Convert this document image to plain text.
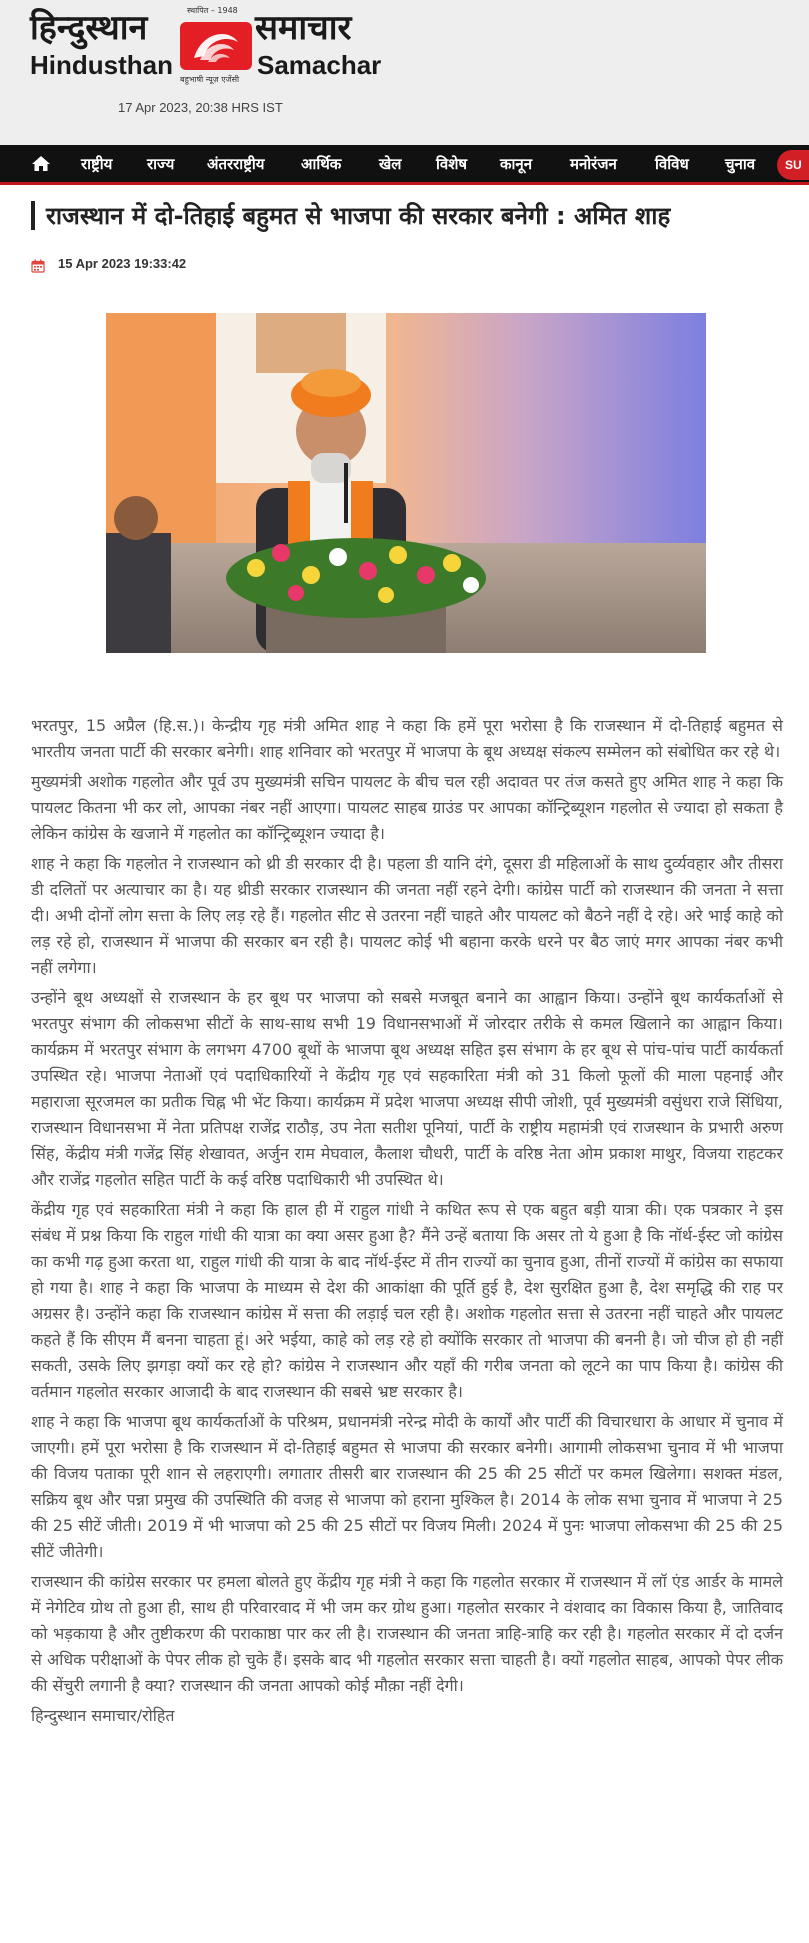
हिन्दुस्थान	स्थापित – 1948 समाचार
Hindusthan बहुभाषी न्यूज़ एजेंसी Samachar
17 Apr 2023, 20:38 HRS IST
राष्ट्रीय राज्य अंतरराष्ट्रीय आर्थिक	खेल विशेष कानून	मनोरंजन	विविध चुनाव	SU
राजस्थान में दो-तिहाई बहुमत से भाजपा की सरकार बनेगी : अमित शाह
15 Apr 2023 19:33:42

भरतपुर, 15 अप्रैल (हि.स.)। केन्द्रीय गृह मंत्री अमित शाह ने कहा कि हमें पूरा भरोसा है कि राजस्थान में दो-तिहाई बहुमत से भारतीय जनता पार्टी की सरकार बनेगी। शाह शनिवार को भरतपुर में भाजपा के बूथ अध्यक्ष संकल्प सम्मेलन को संबोधित कर रहे थे।

मुख्यमंत्री अशोक गहलोत और पूर्व उप मुख्यमंत्री सचिन पायलट के बीच चल रही अदावत पर तंज कसते हुए अमित शाह ने कहा कि पायलट कितना भी कर लो, आपका नंबर नहीं आएगा। पायलट साहब ग्राउंड पर आपका कॉन्ट्रिब्यूशन गहलोत से ज्यादा हो सकता है लेकिन कांग्रेस के खजाने में गहलोत का कॉन्ट्रिब्यूशन ज्यादा है।

शाह ने कहा कि गहलोत ने राजस्थान को थ्री डी सरकार दी है। पहला डी यानि दंगे, दूसरा डी महिलाओं के साथ दुर्व्यवहार और तीसरा डी दलितों पर अत्याचार का है। यह थ्रीडी सरकार राजस्थान की जनता नहीं रहने देगी। कांग्रेस पार्टी को राजस्थान की जनता ने सत्ता दी। अभी दोनों लोग सत्ता के लिए लड़ रहे हैं। गहलोत सीट से उतरना नहीं चाहते और पायलट को बैठने नहीं दे रहे। अरे भाई काहे को लड़ रहे हो, राजस्थान में भाजपा की सरकार बन रही है। पायलट कोई भी बहाना करके धरने पर बैठ जाएं मगर आपका नंबर कभी नहीं लगेगा।

उन्होंने बूथ अध्यक्षों से राजस्थान के हर बूथ पर भाजपा को सबसे मजबूत बनाने का आह्वान किया। उन्होंने बूथ कार्यकर्ताओं से भरतपुर संभाग की लोकसभा सीटों के साथ-साथ सभी 19 विधानसभाओं में जोरदार तरीके से कमल खिलाने का आह्वान किया। कार्यक्रम में भरतपुर संभाग के लगभग 4700 बूथों के भाजपा बूथ अध्यक्ष सहित इस संभाग के हर बूथ से पांच-पांच पार्टी कार्यकर्ता उपस्थित रहे। भाजपा नेताओं एवं पदाधिकारियों ने केंद्रीय गृह एवं सहकारिता मंत्री को 31 किलो फूलों की माला पहनाई और महाराजा सूरजमल का प्रतीक चिह्न भी भेंट किया। कार्यक्रम में प्रदेश भाजपा अध्यक्ष सीपी जोशी, पूर्व मुख्यमंत्री वसुंधरा राजे सिंधिया, राजस्थान विधानसभा में नेता प्रतिपक्ष राजेंद्र राठौड़, उप नेता सतीश पूनियां, पार्टी के राष्ट्रीय महामंत्री एवं राजस्थान के प्रभारी अरुण सिंह, केंद्रीय मंत्री गजेंद्र सिंह शेखावत, अर्जुन राम मेघवाल, कैलाश चौधरी, पार्टी के वरिष्ठ नेता ओम प्रकाश माथुर, विजया राहटकर और राजेंद्र गहलोत सहित पार्टी के कई वरिष्ठ पदाधिकारी भी उपस्थित थे।

केंद्रीय गृह एवं सहकारिता मंत्री ने कहा कि हाल ही में राहुल गांधी ने कथित रूप से एक बहुत बड़ी यात्रा की। एक पत्रकार ने इस संबंध में प्रश्न किया कि राहुल गांधी की यात्रा का क्या असर हुआ है? मैंने उन्हें बताया कि असर तो ये हुआ है कि नॉर्थ-ईस्ट जो कांग्रेस का कभी गढ़ हुआ करता था, राहुल गांधी की यात्रा के बाद नॉर्थ-ईस्ट में तीन राज्यों का चुनाव हुआ, तीनों राज्यों में कांग्रेस का सफाया हो गया है। शाह ने कहा कि भाजपा के माध्यम से देश की आकांक्षा की पूर्ति हुई है, देश सुरक्षित हुआ है, देश समृद्धि की राह पर अग्रसर है। उन्होंने कहा कि राजस्थान कांग्रेस में सत्ता की लड़ाई चल रही है। अशोक गहलोत सत्ता से उतरना नहीं चाहते और पायलट कहते हैं कि सीएम मैं बनना चाहता हूं। अरे भईया, काहे को लड़ रहे हो क्योंकि सरकार तो भाजपा की बननी है। जो चीज हो ही नहीं सकती, उसके लिए झगड़ा क्यों कर रहे हो? कांग्रेस ने राजस्थान और यहाँ की गरीब जनता को लूटने का पाप किया है। कांग्रेस की वर्तमान गहलोत सरकार आजादी के बाद राजस्थान की सबसे भ्रष्ट सरकार है।

शाह ने कहा कि भाजपा बूथ कार्यकर्ताओं के परिश्रम, प्रधानमंत्री नरेन्द्र मोदी के कार्यों और पार्टी की विचारधारा के आधार में चुनाव में जाएगी। हमें पूरा भरोसा है कि राजस्थान में दो-तिहाई बहुमत से भाजपा की सरकार बनेगी। आगामी लोकसभा चुनाव में भी भाजपा की विजय पताका पूरी शान से लहराएगी। लगातार तीसरी बार राजस्थान की 25 की 25 सीटों पर कमल खिलेगा। सशक्त मंडल, सक्रिय बूथ और पन्ना प्रमुख की उपस्थिति की वजह से भाजपा को हराना मुश्किल है। 2014 के लोक सभा चुनाव में भाजपा ने 25 की 25 सीटें जीती। 2019 में भी भाजपा को 25 की 25 सीटों पर विजय मिली। 2024 में पुनः भाजपा लोकसभा की 25 की 25 सीटें जीतेगी।

राजस्थान की कांग्रेस सरकार पर हमला बोलते हुए केंद्रीय गृह मंत्री ने कहा कि गहलोत सरकार में राजस्थान में लॉ एंड आर्डर के मामले में नेगेटिव ग्रोथ तो हुआ ही, साथ ही परिवारवाद में भी जम कर ग्रोथ हुआ। गहलोत सरकार ने वंशवाद का विकास किया है, जातिवाद को भड़काया है और तुष्टीकरण की पराकाष्ठा पार कर ली है। राजस्थान की जनता त्राहि-त्राहि कर रही है। गहलोत सरकार में दो दर्जन से अधिक परीक्षाओं के पेपर लीक हो चुके हैं। इसके बाद भी गहलोत सरकार सत्ता चाहती है। क्यों गहलोत साहब, आपको पेपर लीक की सेंचुरी लगानी है क्या? राजस्थान की जनता आपको कोई मौक़ा नहीं देगी।

हिन्दुस्थान समाचार/रोहित
